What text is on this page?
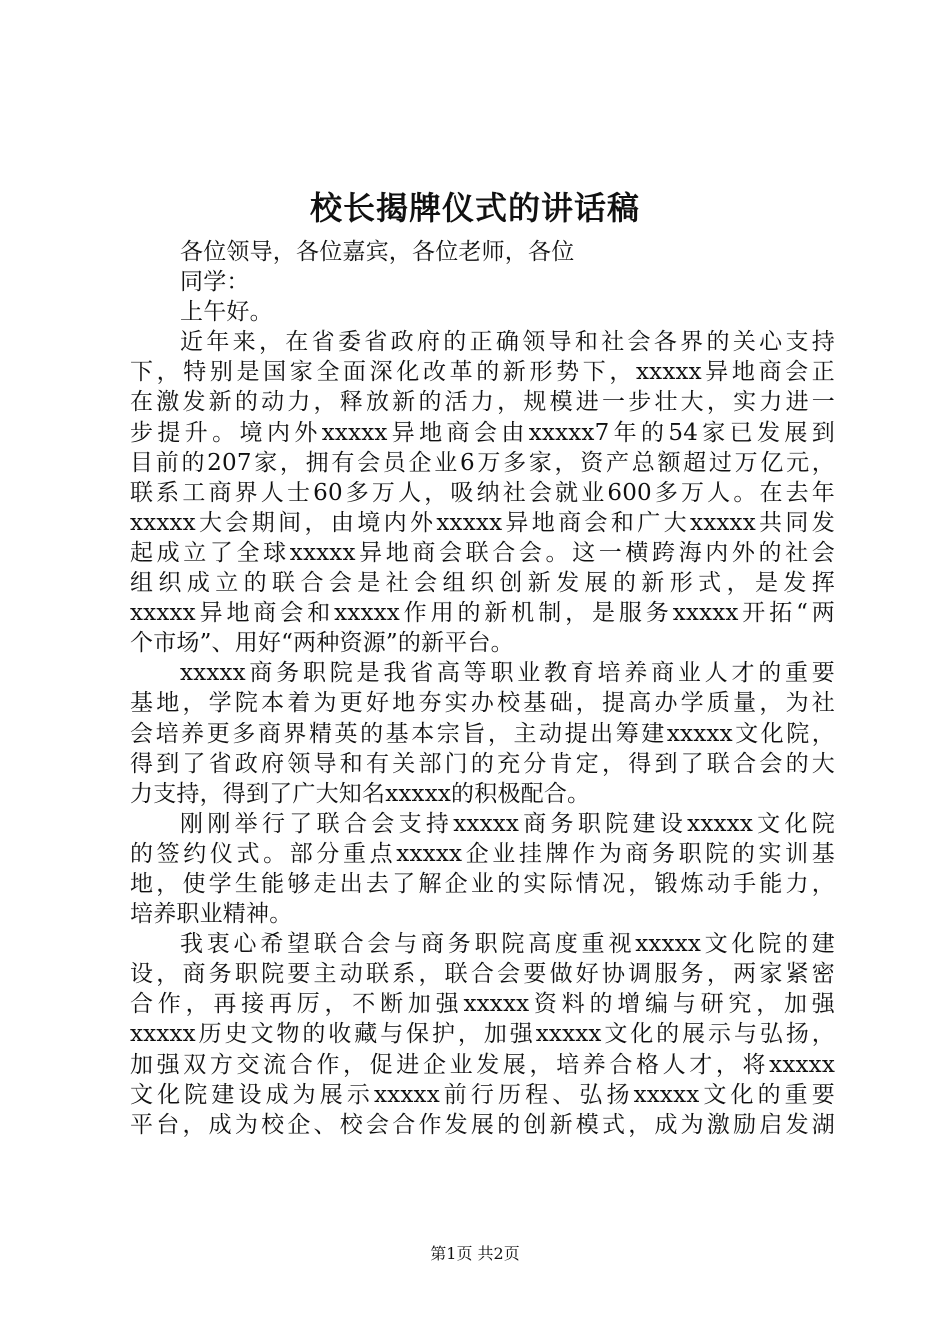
校长揭牌仪式的讲话稿
各位领导，各位嘉宾，各位老师，各位
同学：
上午好。
近年来，在省委省政府的正确领导和社会各界的关心支持
下，特别是国家全面深化改革的新形势下，xxxxx异地商会正
在激发新的动力，释放新的活力，规模进一步壮大，实力进一
步提升。境内外xxxxx异地商会由xxxxx7年的54家已发展到
目前的207家，拥有会员企业6万多家，资产总额超过万亿元，
联系工商界人士60多万人，吸纳社会就业600多万人。在去年
xxxxx大会期间，由境内外xxxxx异地商会和广大xxxxx共同发
起成立了全球xxxxx异地商会联合会。这一横跨海内外的社会
组织成立的联合会是社会组织创新发展的新形式，是发挥
xxxxx异地商会和xxxxx作用的新机制，是服务xxxxx开拓“两
个市场”、用好“两种资源”的新平台。
xxxxx商务职院是我省高等职业教育培养商业人才的重要
基地，学院本着为更好地夯实办校基础，提高办学质量，为社
会培养更多商界精英的基本宗旨，主动提出筹建xxxxx文化院，
得到了省政府领导和有关部门的充分肯定，得到了联合会的大
力支持，得到了广大知名xxxxx的积极配合。
刚刚举行了联合会支持xxxxx商务职院建设xxxxx文化院
的签约仪式。部分重点xxxxx企业挂牌作为商务职院的实训基
地，使学生能够走出去了解企业的实际情况，锻炼动手能力，
培养职业精神。
我衷心希望联合会与商务职院高度重视xxxxx文化院的建
设，商务职院要主动联系，联合会要做好协调服务，两家紧密
合作，再接再厉，不断加强xxxxx资料的增编与研究，加强
xxxxx历史文物的收藏与保护，加强xxxxx文化的展示与弘扬，
加强双方交流合作，促进企业发展，培养合格人才，将xxxxx
文化院建设成为展示xxxxx前行历程、弘扬xxxxx文化的重要
平台，成为校企、校会合作发展的创新模式，成为激励启发湖
第1页 共2页
